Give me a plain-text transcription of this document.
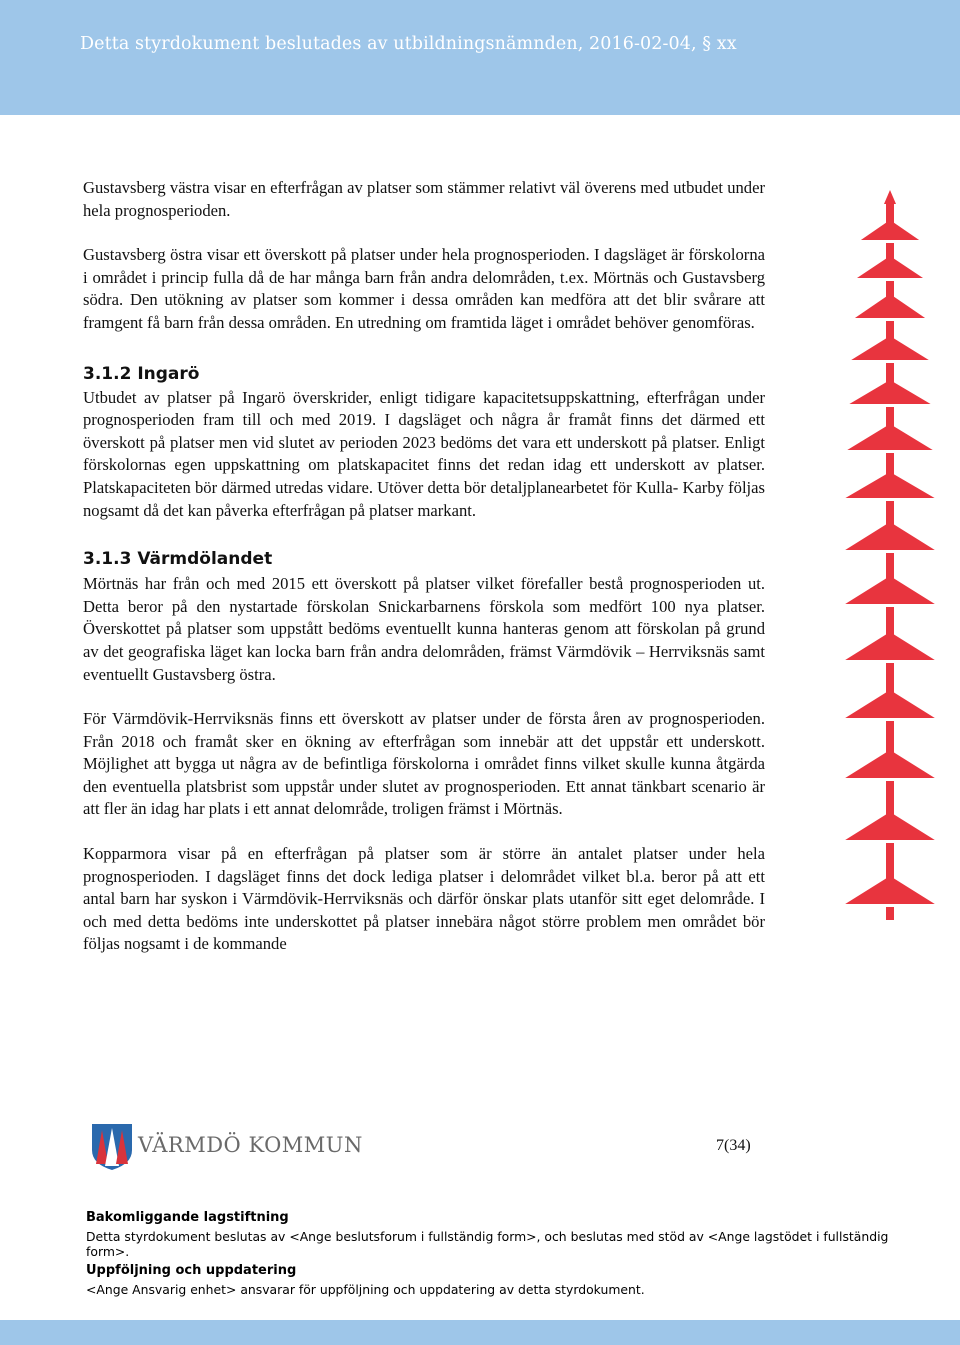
Detta styrdokument beslutades av utbildningsnämnden, 2016-02-04, § xx

Gustavsberg västra visar en efterfrågan av platser som stämmer relativt väl överens med utbudet under hela prognosperioden.

Gustavsberg östra visar ett överskott på platser under hela prognosperioden. I dagsläget är förskolorna i området i princip fulla då de har många barn från andra delområden, t.ex. Mörtnäs och Gustavsberg södra. Den utökning av platser som kommer i dessa områden kan medföra att det blir svårare att framgent få barn från dessa områden. En utredning om framtida läget i området behöver genomföras.

3.1.2 Ingarö

Utbudet av platser på Ingarö överskrider, enligt tidigare kapacitetsuppskattning, efterfrågan under prognosperioden fram till och med 2019. I dagsläget och några år framåt finns det därmed ett överskott på platser men vid slutet av perioden 2023 bedöms det vara ett underskott på platser. Enligt förskolornas egen uppskattning om platskapacitet finns det redan idag ett underskott av platser. Platskapaciteten bör därmed utredas vidare. Utöver detta bör detaljplanearbetet för Kulla- Karby följas nogsamt då det kan påverka efterfrågan på platser markant.

3.1.3 Värmdölandet

Mörtnäs har från och med 2015 ett överskott på platser vilket förefaller bestå prognosperioden ut. Detta beror på den nystartade förskolan Snickarbarnens förskola som medfört 100 nya platser. Överskottet på platser som uppstått bedöms eventuellt kunna hanteras genom att förskolan på grund av det geografiska läget kan locka barn från andra delområden, främst Värmdövik – Herrviksnäs samt eventuellt Gustavsberg östra.

För Värmdövik-Herrviksnäs finns ett överskott av platser under de första åren av prognosperioden. Från 2018 och framåt sker en ökning av efterfrågan som innebär att det uppstår ett underskott. Möjlighet att bygga ut några av de befintliga förskolorna i området finns vilket skulle kunna åtgärda den eventuella platsbrist som uppstår under slutet av prognosperioden. Ett annat tänkbart scenario är att fler än idag har plats i ett annat delområde, troligen främst i Mörtnäs.

Kopparmora visar på en efterfrågan på platser som är större än antalet platser under hela prognosperioden. I dagsläget finns det dock lediga platser i delområdet vilket bl.a. beror på att ett antal barn har syskon i Värmdövik-Herrviksnäs och därför önskar plats utanför sitt eget delområde. I och med detta bedöms inte underskottet på platser innebära något större problem men området bör följas nogsamt i de kommande

VÄRMDÖ KOMMUN	7(34)
Bakomliggande lagstiftning
Detta styrdokument beslutas av <Ange beslutsforum i fullständig form>, och beslutas med stöd av <Ange lagstödet i fullständig form>.
Uppföljning och uppdatering
<Ange Ansvarig enhet> ansvarar för uppföljning och uppdatering av detta styrdokument.
